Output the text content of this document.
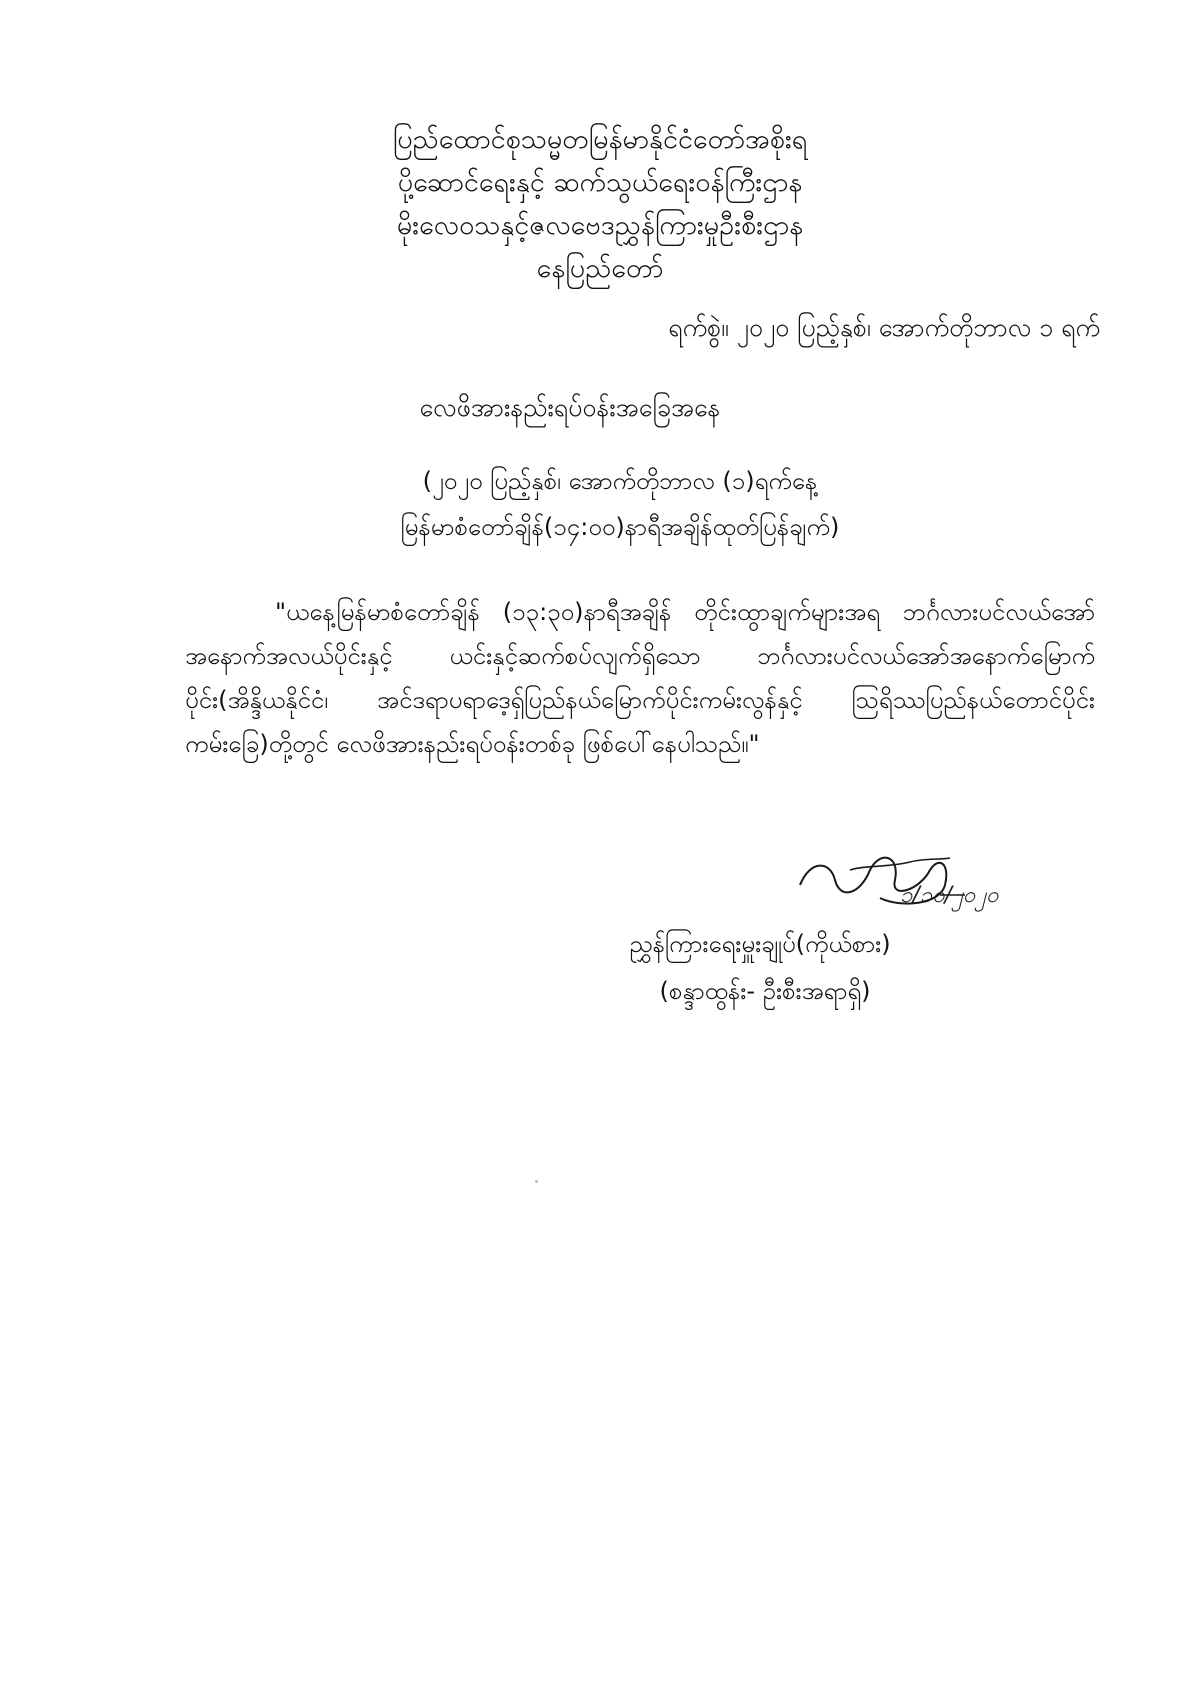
ပြည်ထောင်စုသမ္မတမြန်မာနိုင်ငံတော်အစိုးရ
ပို့ဆောင်ရေးနှင့် ဆက်သွယ်ရေးဝန်ကြီးဌာန
မိုးလေဝသနှင့်ဇလဗေဒညွှန်ကြားမှုဦးစီးဌာန
နေပြည်တော်
ရက်စွဲ။ ၂၀၂၀ ပြည့်နှစ်၊ အောက်တိုဘာလ ၁ ရက်
လေဖိအားနည်းရပ်ဝန်းအခြေအနေ
(၂၀၂၀ ပြည့်နှစ်၊ အောက်တိုဘာလ (၁)ရက်နေ့
မြန်မာစံတော်ချိန်(၁၄:၀၀)နာရီအချိန်ထုတ်ပြန်ချက်)
"ယနေ့မြန်မာစံတော်ချိန် (၁၃:၃၀)နာရီအချိန် တိုင်းထွာချက်များအရ ဘင်္ဂလားပင်လယ်အော်အနောက်အလယ်ပိုင်းနှင့် ယင်းနှင့်ဆက်စပ်လျက်ရှိသော ဘင်္ဂလားပင်လယ်အော်အနောက်မြောက်ပိုင်း(အိန္ဒိယနိုင်ငံ၊ အင်ဒရာပရာဒေ့ရှ်ပြည်နယ်မြောက်ပိုင်းကမ်းလွန်နှင့် ဩရိဿပြည်နယ်တောင်ပိုင်းကမ်းခြေ)တို့တွင် လေဖိအားနည်းရပ်ဝန်းတစ်ခု ဖြစ်ပေါ်နေပါသည်။"
၁/၁၀/၂၀၂၀
ညွှန်ကြားရေးမှူးချုပ်(ကိုယ်စား)
(စန္ဒာထွန်း- ဦးစီးအရာရှိ)
